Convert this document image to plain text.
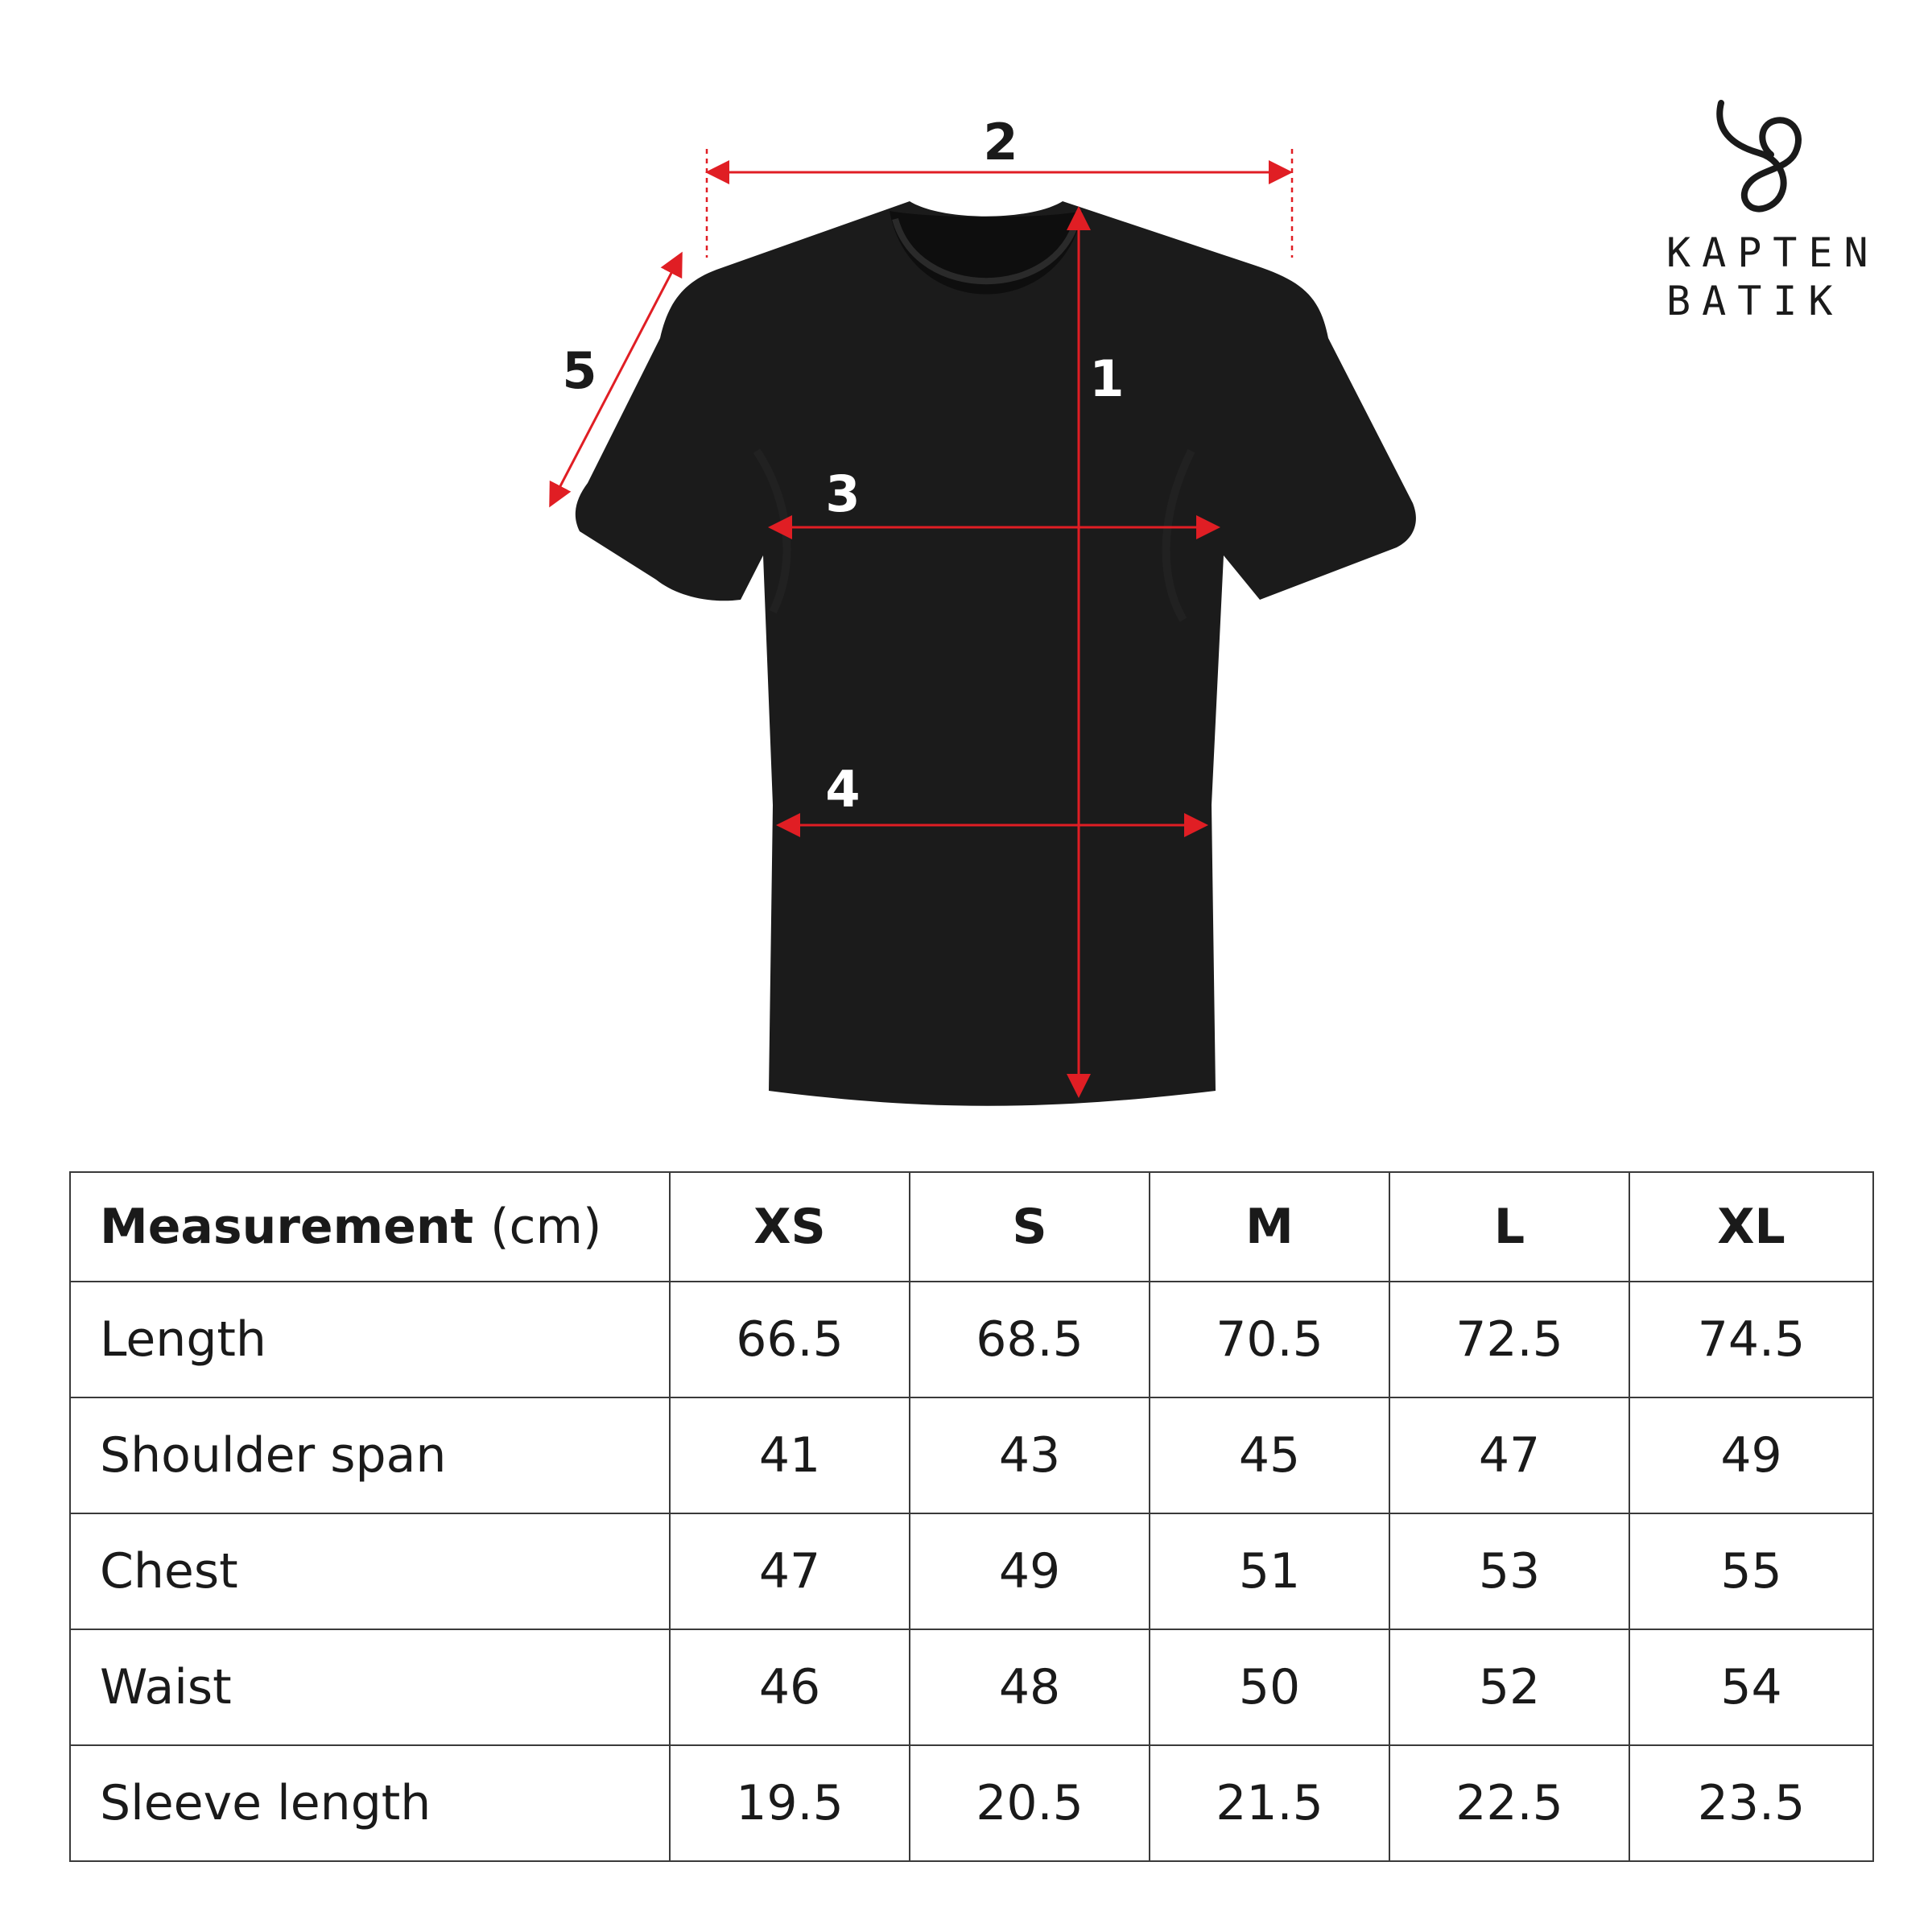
2
1
3
4
5
KAPTEN
BATIK
Measurement (cm)	XS	S	M	L	XL
Length	66.5	68.5	70.5	72.5	74.5
Shoulder span	41	43	45	47	49
Chest	47	49	51	53	55
Waist	46	48	50	52	54
Sleeve length	19.5	20.5	21.5	22.5	23.5
